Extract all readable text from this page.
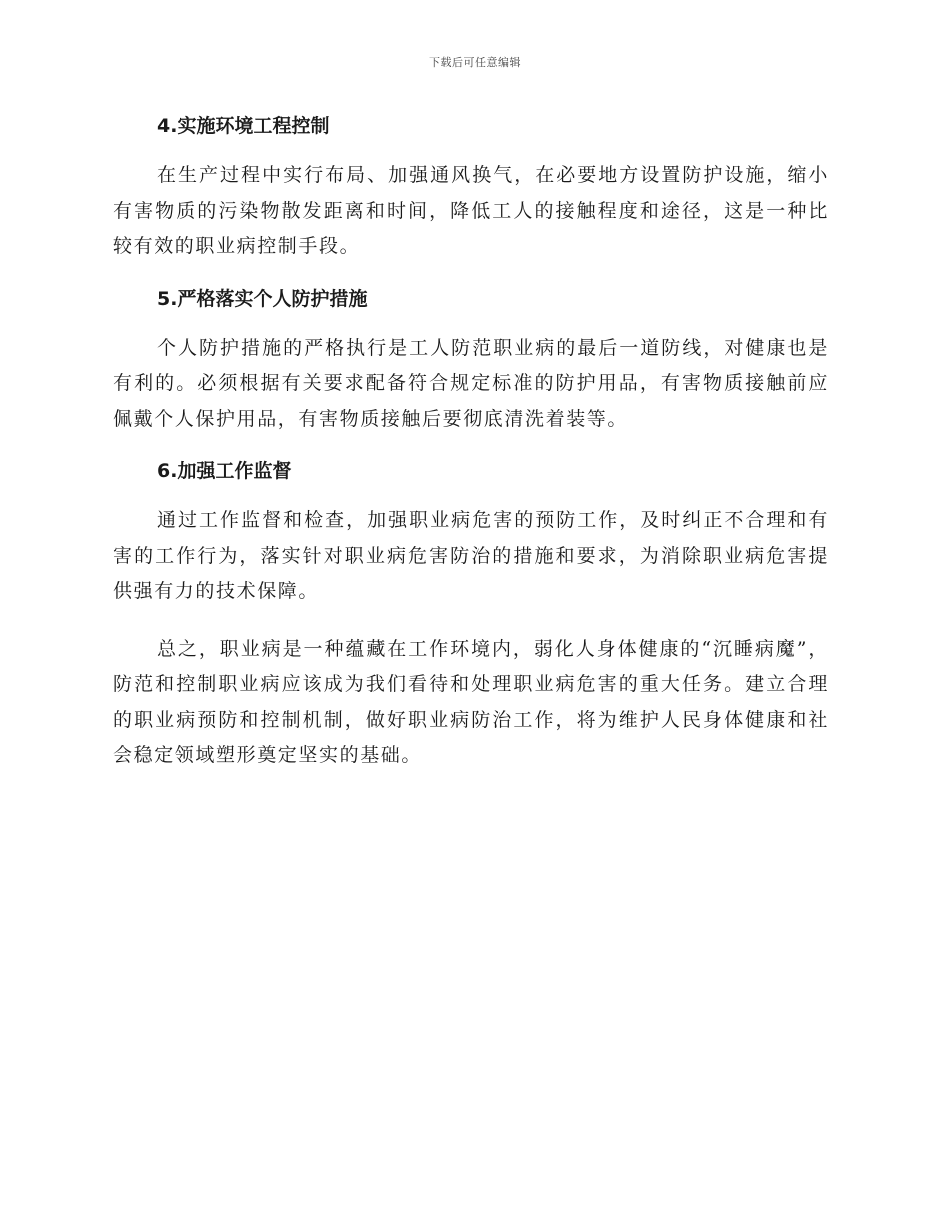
下载后可任意编辑
4.实施环境工程控制

在生产过程中实行布局、加强通风换气，在必要地方设置防护设施，缩小有害物质的污染物散发距离和时间，降低工人的接触程度和途径，这是一种比较有效的职业病控制手段。

5.严格落实个人防护措施

个人防护措施的严格执行是工人防范职业病的最后一道防线，对健康也是有利的。必须根据有关要求配备符合规定标准的防护用品，有害物质接触前应佩戴个人保护用品，有害物质接触后要彻底清洗着装等。

6.加强工作监督

通过工作监督和检查，加强职业病危害的预防工作，及时纠正不合理和有害的工作行为，落实针对职业病危害防治的措施和要求，为消除职业病危害提供强有力的技术保障。

总之，职业病是一种蕴藏在工作环境内，弱化人身体健康的“沉睡病魔”，防范和控制职业病应该成为我们看待和处理职业病危害的重大任务。建立合理的职业病预防和控制机制，做好职业病防治工作，将为维护人民身体健康和社会稳定领域塑形奠定坚实的基础。
